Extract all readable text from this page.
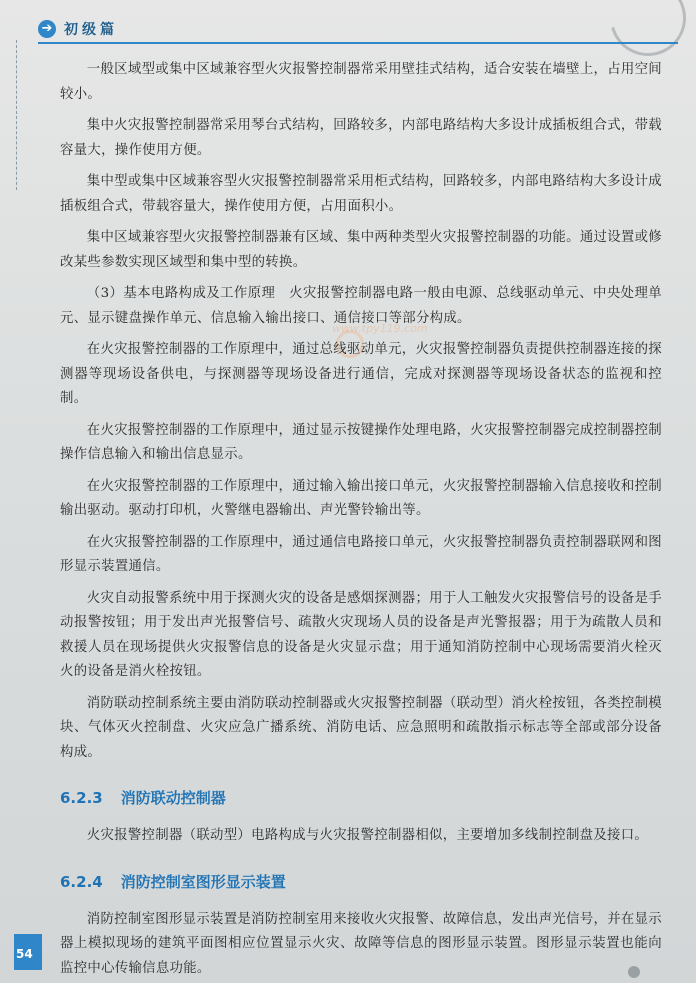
➔ 初级篇
www.tpy119.com

一般区域型或集中区域兼容型火灾报警控制器常采用壁挂式结构，适合安装在墙壁上，占用空间较小。

集中火灾报警控制器常采用琴台式结构，回路较多，内部电路结构大多设计成插板组合式，带载容量大，操作使用方便。

集中型或集中区域兼容型火灾报警控制器常采用柜式结构，回路较多，内部电路结构大多设计成插板组合式，带载容量大，操作使用方便，占用面积小。

集中区域兼容型火灾报警控制器兼有区域、集中两种类型火灾报警控制器的功能。通过设置或修改某些参数实现区域型和集中型的转换。

（3）基本电路构成及工作原理　火灾报警控制器电路一般由电源、总线驱动单元、中央处理单元、显示键盘操作单元、信息输入输出接口、通信接口等部分构成。

在火灾报警控制器的工作原理中，通过总线驱动单元，火灾报警控制器负责提供控制器连接的探测器等现场设备供电，与探测器等现场设备进行通信，完成对探测器等现场设备状态的监视和控制。

在火灾报警控制器的工作原理中，通过显示按键操作处理电路，火灾报警控制器完成控制器控制操作信息输入和输出信息显示。

在火灾报警控制器的工作原理中，通过输入输出接口单元，火灾报警控制器输入信息接收和控制输出驱动。驱动打印机，火警继电器输出、声光警铃输出等。

在火灾报警控制器的工作原理中，通过通信电路接口单元，火灾报警控制器负责控制器联网和图形显示装置通信。

火灾自动报警系统中用于探测火灾的设备是感烟探测器；用于人工触发火灾报警信号的设备是手动报警按钮；用于发出声光报警信号、疏散火灾现场人员的设备是声光警报器；用于为疏散人员和救援人员在现场提供火灾报警信息的设备是火灾显示盘；用于通知消防控制中心现场需要消火栓灭火的设备是消火栓按钮。

消防联动控制系统主要由消防联动控制器或火灾报警控制器（联动型）消火栓按钮，各类控制模块、气体灭火控制盘、火灾应急广播系统、消防电话、应急照明和疏散指示标志等全部或部分设备构成。

6.2.3 消防联动控制器

火灾报警控制器（联动型）电路构成与火灾报警控制器相似，主要增加多线制控制盘及接口。

6.2.4 消防控制室图形显示装置

消防控制室图形显示装置是消防控制室用来接收火灾报警、故障信息，发出声光信号，并在显示器上模拟现场的建筑平面图相应位置显示火灾、故障等信息的图形显示装置。图形显示装置也能向监控中心传输信息功能。

54
